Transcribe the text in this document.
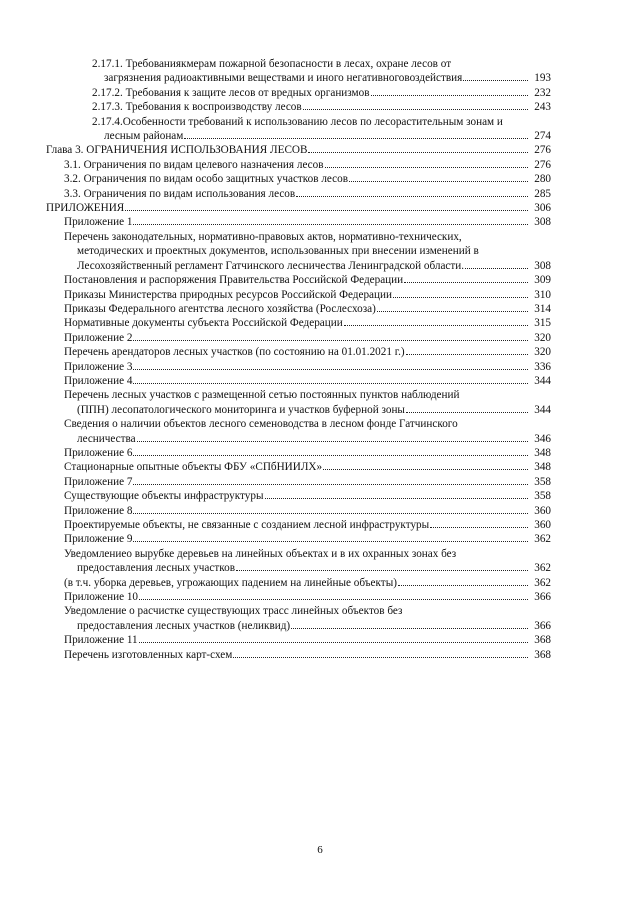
2.17.1. Требованиякмерам пожарной безопасности в лесах, охране лесов от
загрязнения радиоактивными веществами и иного негативноговоздействия	193
2.17.2. Требования к защите лесов от вредных организмов	232
2.17.3. Требования к воспроизводству лесов	243
2.17.4.Особенности требований к использованию лесов по лесорастительным зонам и
лесным районам	274
Глава 3. ОГРАНИЧЕНИЯ ИСПОЛЬЗОВАНИЯ ЛЕСОВ	276
3.1. Ограничения по видам целевого назначения лесов	276
3.2. Ограничения по видам особо защитных участков лесов	280
3.3. Ограничения по видам использования лесов	285
ПРИЛОЖЕНИЯ	306
Приложение 1	308
Перечень законодательных, нормативно-правовых актов, нормативно-технических,
методических и проектных документов, использованных при внесении изменений в
Лесохозяйственный регламент Гатчинского лесничества Ленинградской области.	308
Постановления и распоряжения Правительства Российской Федерации	309
Приказы Министерства природных ресурсов Российской Федерации	310
Приказы Федерального агентства лесного хозяйства (Рослесхоза)	314
Нормативные документы субъекта Российской Федерации	315
Приложение 2	320
Перечень арендаторов лесных участков (по состоянию на 01.01.2021 г.)	320
Приложение 3	336
Приложение 4	344
Перечень лесных участков с размещенной сетью постоянных пунктов наблюдений
(ППН) лесопатологического мониторинга и участков буферной зоны	344
Сведения о наличии объектов лесного семеноводства в лесном фонде Гатчинского
лесничества	346
Приложение 6	348
Стационарные опытные объекты ФБУ «СПбНИИЛХ»	348
Приложение 7	358
Существующие объекты инфраструктуры	358
Приложение 8	360
Проектируемые объекты, не связанные с созданием лесной инфраструктуры	360
Приложение 9	362
Уведомлениео вырубке деревьев на линейных объектах и в их охранных зонах без
предоставления лесных участков	362
(в т.ч. уборка деревьев, угрожающих падением на линейные объекты)	362
Приложение 10	366
Уведомление о расчистке существующих трасс линейных объектов без
предоставления лесных участков (неликвид)	366
Приложение 11	368
Перечень изготовленных карт-схем	368
6
